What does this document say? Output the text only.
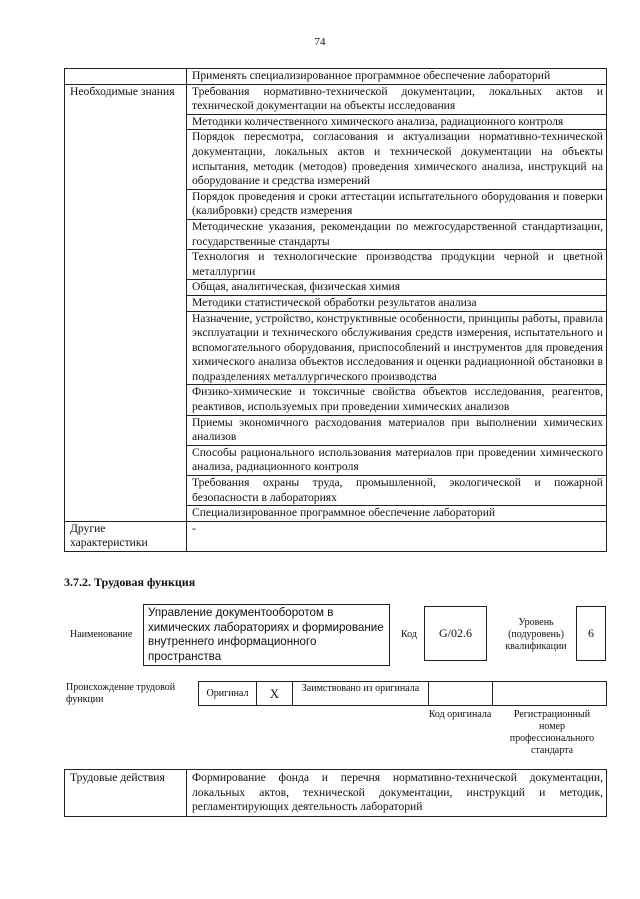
74
	Применять специализированное программное обеспечение лабораторий
Необходимые знания	Требования нормативно-технической документации, локальных актов и технической документации на объекты исследования
	Методики количественного химического анализа, радиационного контроля
	Порядок пересмотра, согласования и актуализации нормативно-технической документации, локальных актов и технической документации на объекты испытания, методик (методов) проведения химического анализа, инструкций на оборудование и средства измерений
	Порядок проведения и сроки аттестации испытательного оборудования и поверки (калибровки) средств измерения
	Методические указания, рекомендации по межгосударственной стандартизации, государственные стандарты
	Технология и технологические производства продукции черной и цветной металлургии
	Общая, аналитическая, физическая химия
	Методики статистической обработки результатов анализа
	Назначение, устройство, конструктивные особенности, принципы работы, правила эксплуатации и технического обслуживания средств измерения, испытательного и вспомогательного оборудования, приспособлений и инструментов для проведения химического анализа объектов исследования и оценки радиационной обстановки в подразделениях металлургического производства
	Физико-химические и токсичные свойства объектов исследования, реагентов, реактивов, используемых при проведении химических анализов
	Приемы экономичного расходования материалов при выполнении химических анализов
	Способы рационального использования материалов при проведении химического анализа, радиационного контроля
	Требования охраны труда, промышленной, экологической и пожарной безопасности в лабораториях
	Специализированное программное обеспечение лабораторий
Другие характеристики	-
3.7.2. Трудовая функция
Наименование
Управление документооборотом в химических лабораториях и формирование внутреннего информационного пространства
Код	G/02.6
Уровень (подуровень) квалификации
6
Происхождение трудовой функции
Оригинал	X	Заимствовано из оригинала
Код оригинала	Регистрационный номер профессионального стандарта
Трудовые действия	Формирование фонда и перечня нормативно-технической документации, локальных актов, технической документации, инструкций и методик, регламентирующих деятельность лабораторий
